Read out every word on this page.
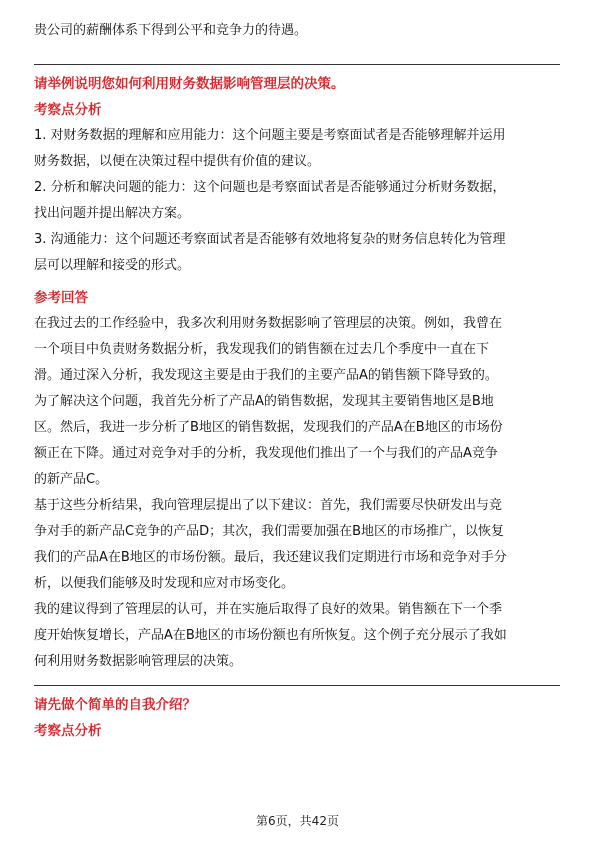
贵公司的薪酬体系下得到公平和竞争力的待遇。

请举例说明您如何利用财务数据影响管理层的决策。
考察点分析

1. 对财务数据的理解和应用能力：这个问题主要是考察面试者是否能够理解并运用

财务数据，以便在决策过程中提供有价值的建议。

2. 分析和解决问题的能力：这个问题也是考察面试者是否能够通过分析财务数据，

找出问题并提出解决方案。

3. 沟通能力：这个问题还考察面试者是否能够有效地将复杂的财务信息转化为管理

层可以理解和接受的形式。

参考回答

在我过去的工作经验中，我多次利用财务数据影响了管理层的决策。例如，我曾在

一个项目中负责财务数据分析，我发现我们的销售额在过去几个季度中一直在下

滑。通过深入分析，我发现这主要是由于我们的主要产品A的销售额下降导致的。

为了解决这个问题，我首先分析了产品A的销售数据，发现其主要销售地区是B地

区。然后，我进一步分析了B地区的销售数据，发现我们的产品A在B地区的市场份

额正在下降。通过对竞争对手的分析，我发现他们推出了一个与我们的产品A竞争

的新产品C。

基于这些分析结果，我向管理层提出了以下建议：首先，我们需要尽快研发出与竞

争对手的新产品C竞争的产品D；其次，我们需要加强在B地区的市场推广，以恢复

我们的产品A在B地区的市场份额。最后，我还建议我们定期进行市场和竞争对手分

析，以便我们能够及时发现和应对市场变化。

我的建议得到了管理层的认可，并在实施后取得了良好的效果。销售额在下一个季

度开始恢复增长，产品A在B地区的市场份额也有所恢复。这个例子充分展示了我如

何利用财务数据影响管理层的决策。

请先做个简单的自我介绍？
考察点分析
第6页，共42页
